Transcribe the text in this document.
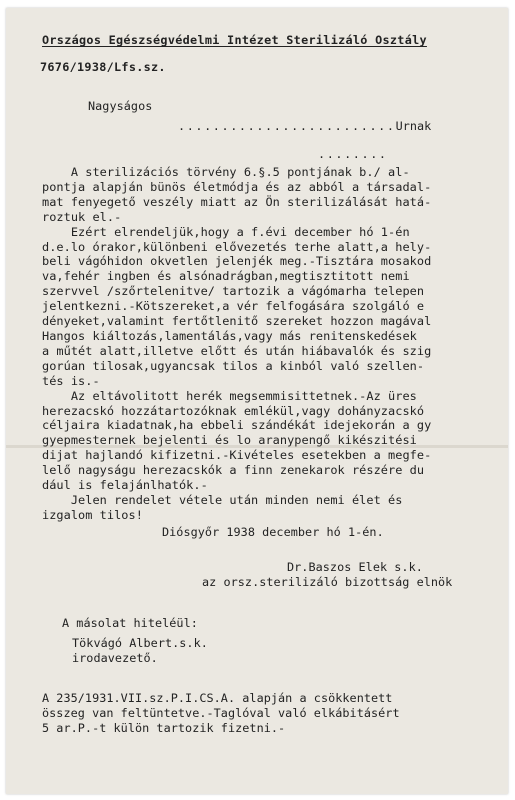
Országos Egészségvédelmi Intézet Sterilizáló Osztály
7676/1938/Lfs.sz.
Nagyságos
.........................Urnak
........
A sterilizációs törvény 6.§.5 pontjának b./ al-
pontja alapján bünös életmódja és az abból a társadal-
mat fenyegető veszély miatt az Ön sterilizálását hatá-
roztuk el.-
Ezért elrendeljük,hogy a f.évi december hó 1-én
d.e.lo órakor,különbeni elővezetés terhe alatt,a hely-
beli vágóhidon okvetlen jelenjék meg.-Tisztára mosakod
va,fehér ingben és alsónadrágban,megtisztitott nemi
szervvel /szőrtelenitve/ tartozik a vágómarha telepen
jelentkezni.-Kötszereket,a vér felfogására szolgáló e
dényeket,valamint fertőtlenitő szereket hozzon magával
Hangos kiáltozás,lamentálás,vagy más renitenskedések
a műtét alatt,illetve előtt és után hiábavalók és szig
gorúan tilosak,ugyancsak tilos a kinból való szellen-
tés is.-
Az eltávolitott herék megsemmisittetnek.-Az üres
herezacskó hozzátartozóknak emlékül,vagy dohányzacskó
céljaira kiadatnak,ha ebbeli szándékát idejekorán a gy
gyepmesternek bejelenti és lo aranypengő kikészitési
dijat hajlandó kifizetni.-Kivételes esetekben a megfe-
lelő nagyságu herezacskók a finn zenekarok részére du
dául is felajánlhatók.-
Jelen rendelet vétele után minden nemi élet és
izgalom tilos!
Diósgyőr 1938 december hó 1-én.
Dr.Baszos Elek s.k.
az orsz.sterilizáló bizottság elnök
A másolat hiteléül:
Tökvágó Albert.s.k.
irodavezető.
A 235/1931.VII.sz.P.I.CS.A. alapján a csökkentett
összeg van feltüntetve.-Taglóval való elkábitásért
5 ar.P.-t külön tartozik fizetni.-
